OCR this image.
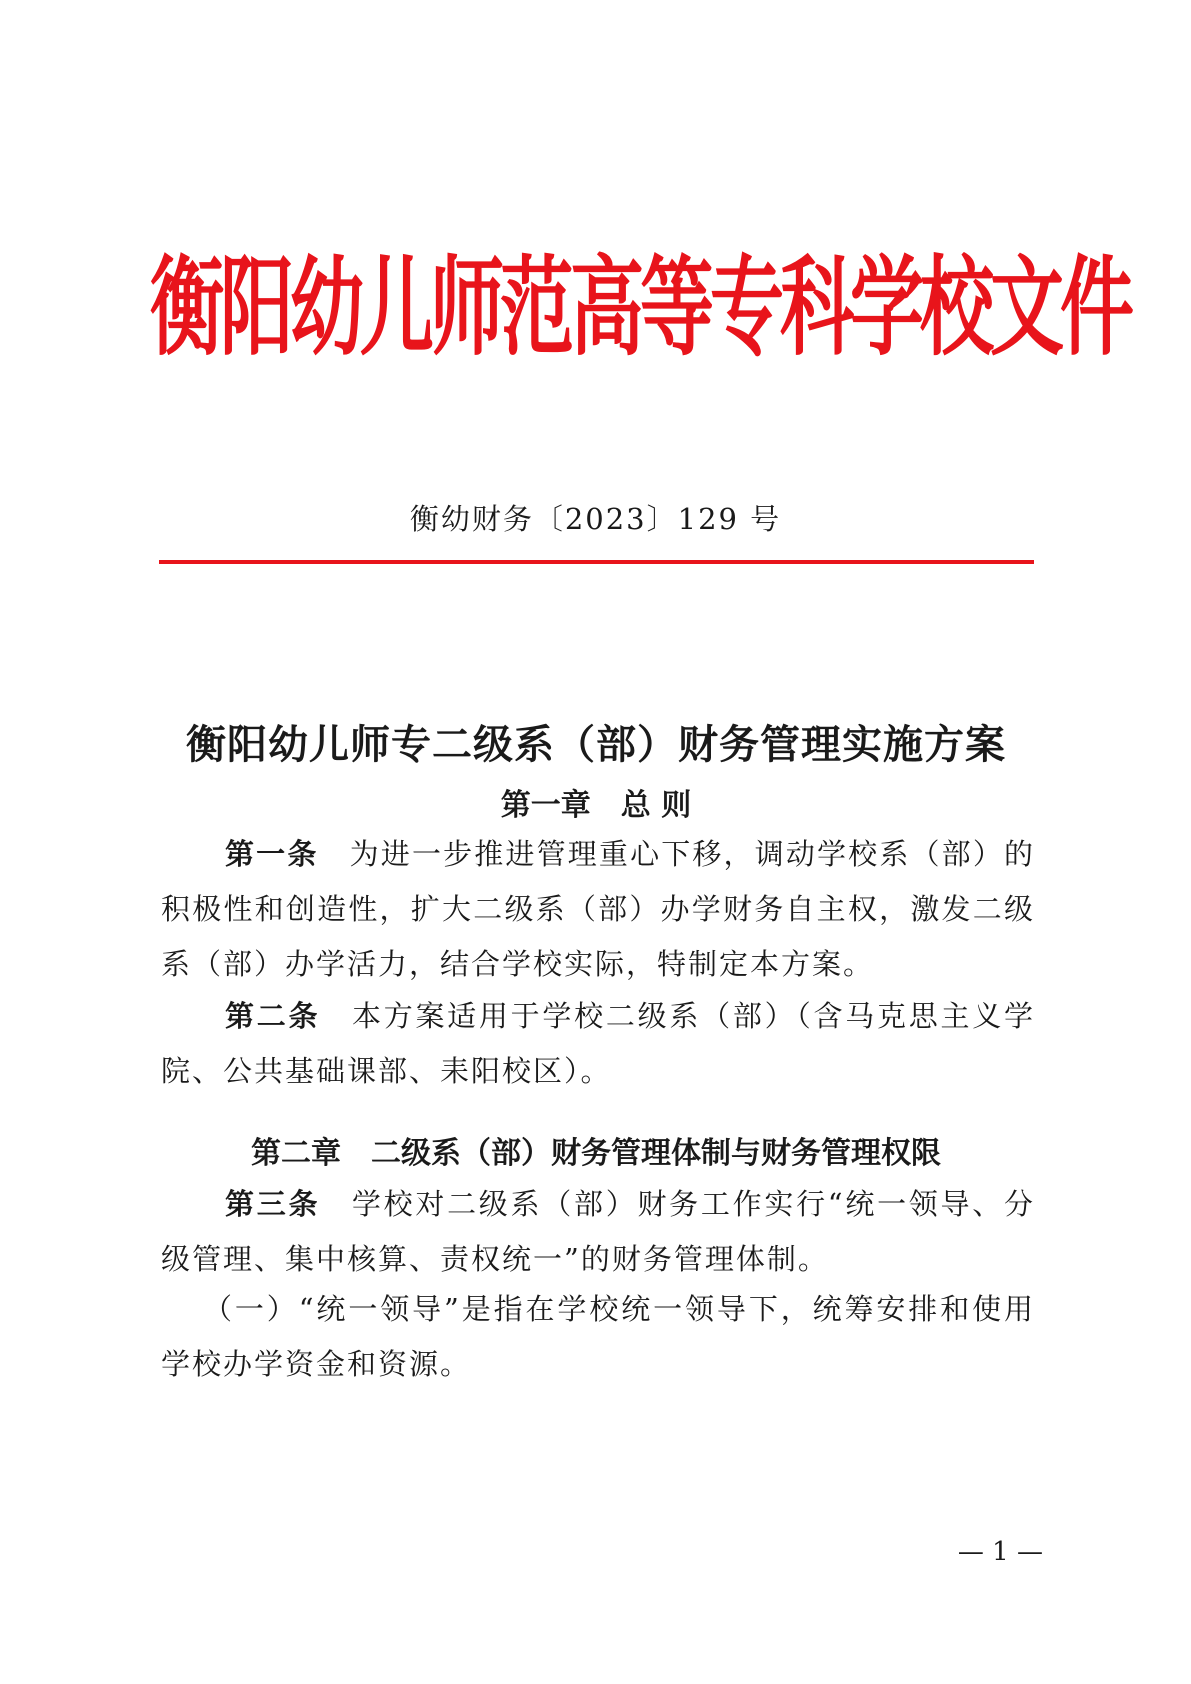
衡阳幼儿师范高等专科学校文件
衡幼财务〔2023〕129 号
衡阳幼儿师专二级系（部）财务管理实施方案
第一章　总 则

第一条　为进一步推进管理重心下移，调动学校系（部）的积极性和创造性，扩大二级系（部）办学财务自主权，激发二级系（部）办学活力，结合学校实际，特制定本方案。

第二条　本方案适用于学校二级系（部）（含马克思主义学院、公共基础课部、耒阳校区）。

第二章　二级系（部）财务管理体制与财务管理权限

第三条　学校对二级系（部）财务工作实行“统一领导、分级管理、集中核算、责权统一”的财务管理体制。

（一）“统一领导”是指在学校统一领导下，统筹安排和使用学校办学资金和资源。

— 1 —
